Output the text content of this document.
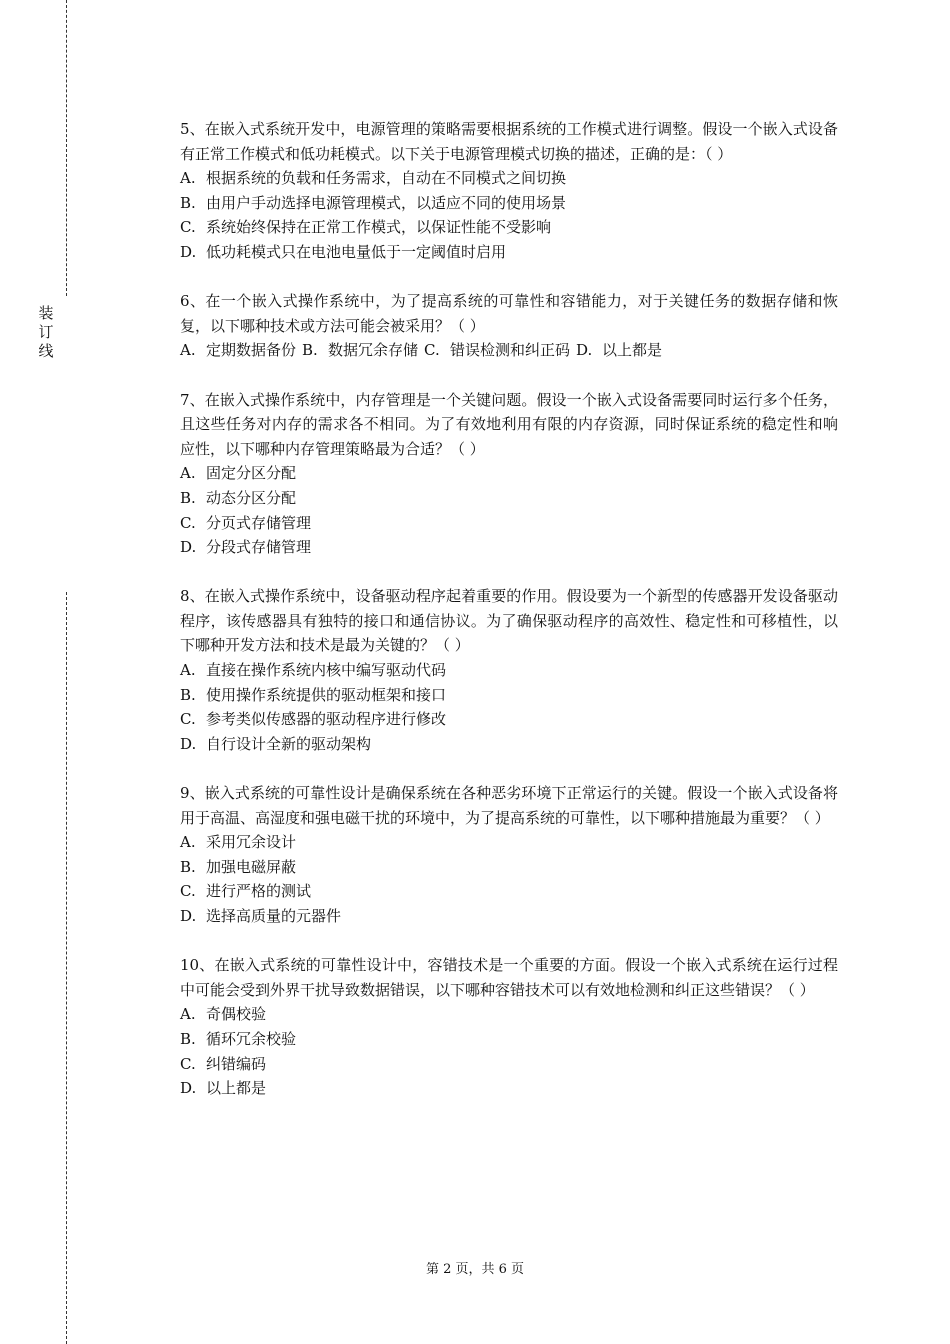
装
订
线

5、在嵌入式系统开发中，电源管理的策略需要根据系统的工作模式进行调整。假设一个嵌入式设备有正常工作模式和低功耗模式。以下关于电源管理模式切换的描述，正确的是：（ ）

A. 根据系统的负载和任务需求，自动在不同模式之间切换

B. 由用户手动选择电源管理模式，以适应不同的使用场景

C. 系统始终保持在正常工作模式，以保证性能不受影响

D. 低功耗模式只在电池电量低于一定阈值时启用

6、在一个嵌入式操作系统中，为了提高系统的可靠性和容错能力，对于关键任务的数据存储和恢复，以下哪种技术或方法可能会被采用？（ ）

A. 定期数据备份 B. 数据冗余存储 C. 错误检测和纠正码 D. 以上都是

7、在嵌入式操作系统中，内存管理是一个关键问题。假设一个嵌入式设备需要同时运行多个任务，且这些任务对内存的需求各不相同。为了有效地利用有限的内存资源，同时保证系统的稳定性和响应性，以下哪种内存管理策略最为合适？（ ）

A. 固定分区分配

B. 动态分区分配

C. 分页式存储管理

D. 分段式存储管理

8、在嵌入式操作系统中，设备驱动程序起着重要的作用。假设要为一个新型的传感器开发设备驱动程序，该传感器具有独特的接口和通信协议。为了确保驱动程序的高效性、稳定性和可移植性，以下哪种开发方法和技术是最为关键的？（ ）

A. 直接在操作系统内核中编写驱动代码

B. 使用操作系统提供的驱动框架和接口

C. 参考类似传感器的驱动程序进行修改

D. 自行设计全新的驱动架构

9、嵌入式系统的可靠性设计是确保系统在各种恶劣环境下正常运行的关键。假设一个嵌入式设备将用于高温、高湿度和强电磁干扰的环境中，为了提高系统的可靠性，以下哪种措施最为重要？（ ）

A. 采用冗余设计

B. 加强电磁屏蔽

C. 进行严格的测试

D. 选择高质量的元器件

10、在嵌入式系统的可靠性设计中，容错技术是一个重要的方面。假设一个嵌入式系统在运行过程中可能会受到外界干扰导致数据错误，以下哪种容错技术可以有效地检测和纠正这些错误？（ ）

A. 奇偶校验

B. 循环冗余校验

C. 纠错编码

D. 以上都是

第 2 页，共 6 页
